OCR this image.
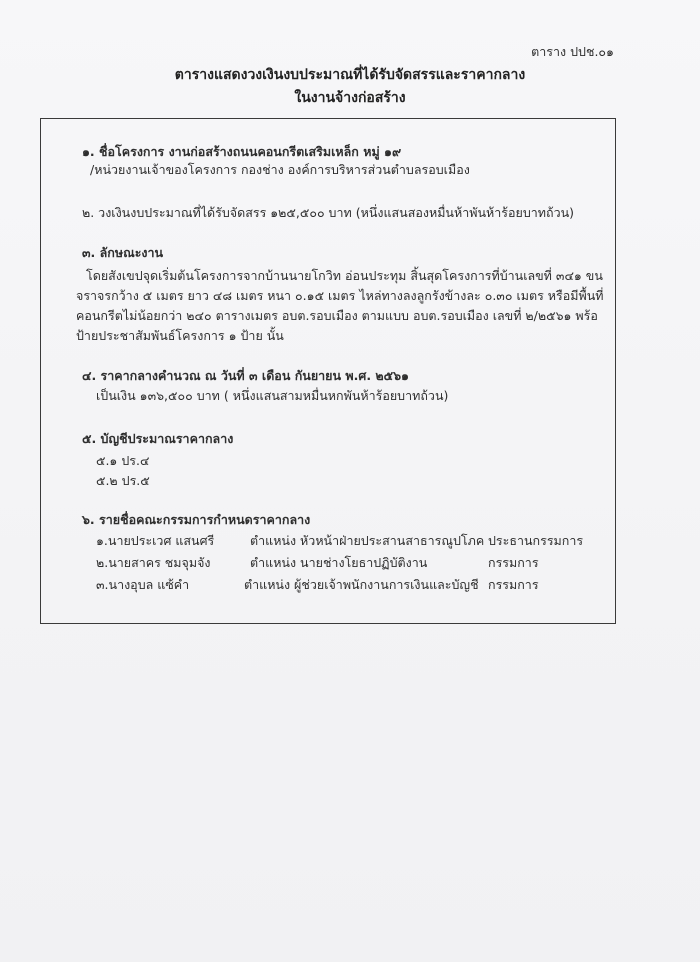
ตาราง ปปช.๐๑
ตารางแสดงวงเงินงบประมาณที่ได้รับจัดสรรและราคากลาง
ในงานจ้างก่อสร้าง
๑. ชื่อโครงการ งานก่อสร้างถนนคอนกรีตเสริมเหล็ก หมู่ ๑๙
/หน่วยงานเจ้าของโครงการ กองช่าง องค์การบริหารส่วนตำบลรอบเมือง
๒. วงเงินงบประมาณที่ได้รับจัดสรร ๑๒๕,๕๐๐ บาท (หนึ่งแสนสองหมื่นห้าพันห้าร้อยบาทถ้วน)
๓. ลักษณะงาน
โดยสังเขปจุดเริ่มต้นโครงการจากบ้านนายโกวิท อ่อนประทุม สิ้นสุดโครงการที่บ้านเลขที่ ๓๔๑ ขน
จราจรกว้าง ๕ เมตร ยาว ๔๘ เมตร หนา ๐.๑๕ เมตร ไหล่ทางลงลูกรังข้างละ ๐.๓๐ เมตร หรือมีพื้นที่
คอนกรีตไม่น้อยกว่า ๒๔๐ ตารางเมตร อบต.รอบเมือง ตามแบบ อบต.รอบเมือง เลขที่ ๒/๒๕๖๑ พร้อ
ป้ายประชาสัมพันธ์โครงการ ๑ ป้าย นั้น
๔. ราคากลางคำนวณ ณ วันที่ ๓ เดือน กันยายน พ.ศ. ๒๕๖๑
เป็นเงิน ๑๓๖,๕๐๐ บาท ( หนึ่งแสนสามหมื่นหกพันห้าร้อยบาทถ้วน)
๕. บัญชีประมาณราคากลาง
๕.๑ ปร.๔
๕.๒ ปร.๕
๖. รายชื่อคณะกรรมการกำหนดราคากลาง
๑.นายประเวศ แสนศรี	ตำแหน่ง หัวหน้าฝ่ายประสานสาธารณูปโภค ประธานกรรมการ
๒.นายสาคร ชมจุมจัง	ตำแหน่ง นายช่างโยธาปฏิบัติงาน	กรรมการ
๓.นางอุบล แซ้คำ	ตำแหน่ง ผู้ช่วยเจ้าพนักงานการเงินและบัญชี กรรมการ
